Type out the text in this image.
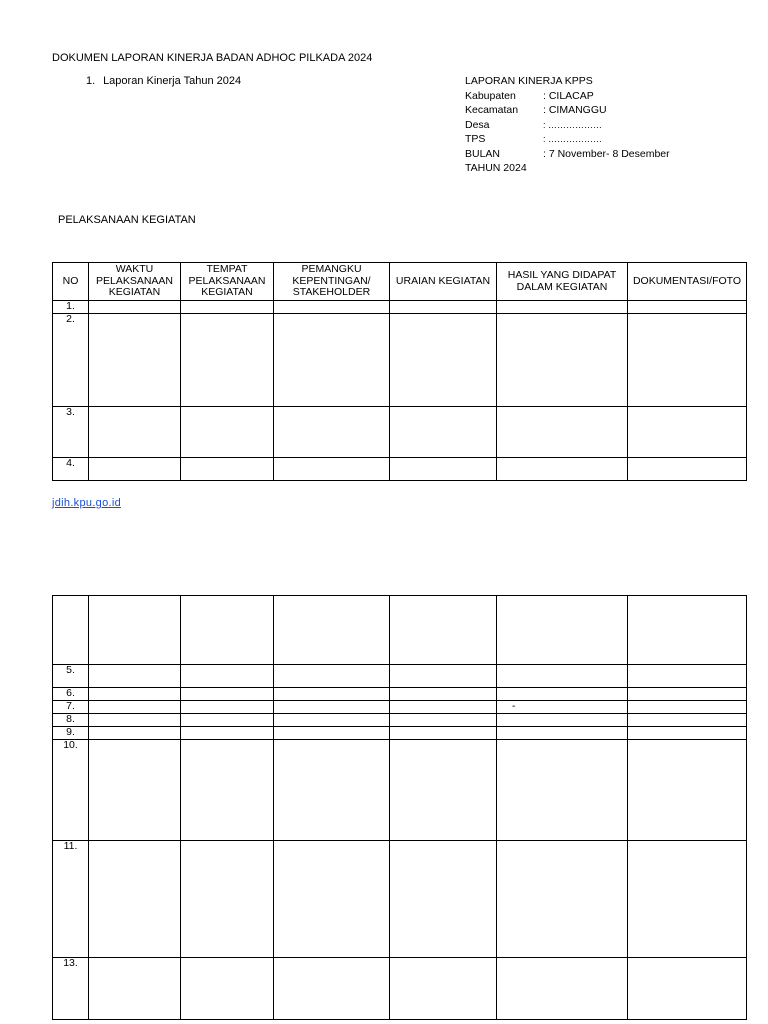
DOKUMEN LAPORAN KINERJA BADAN ADHOC PILKADA 2024
1. Laporan Kinerja Tahun 2024	LAPORAN KINERJA KPPS
Kabupaten	: CILACAP
Kecamatan : CIMANGGU
Desa	: ………………
TPS	: ………………
BULAN	: 7 November- 8 Desember
TAHUN 2024
PELAKSANAAN KEGIATAN
NO	WAKTU PELAKSANAAN KEGIATAN	TEMPAT PELAKSANAAN KEGIATAN	PEMANGKU KEPENTINGAN/ STAKEHOLDER	URAIAN KEGIATAN	HASIL YANG DIDAPAT DALAM KEGIATAN	DOKUMENTASI/FOTO
1.						
2.						
3.						
4.						
jdih.kpu.go.id

5.						
6.						
7.					-	
8.						
9.						
10.						
11.						
13.						
